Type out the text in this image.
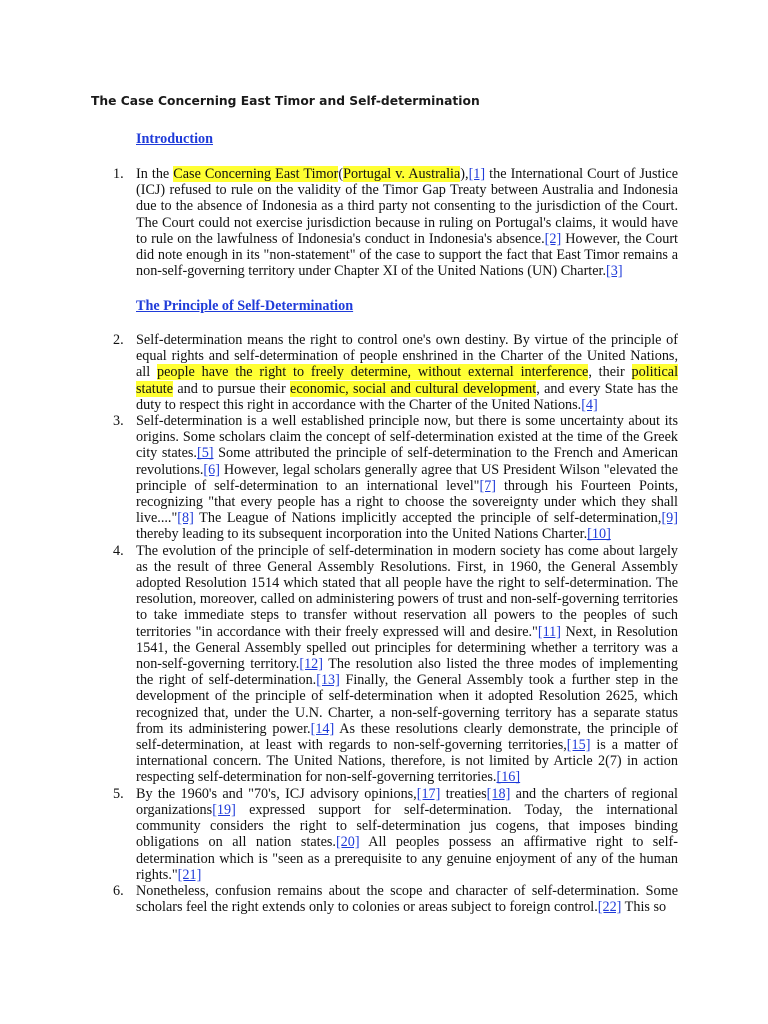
The Case Concerning East Timor and Self-determination
Introduction
1. In the Case Concerning East Timor(Portugal v. Australia),[1] the International Court of Justice (ICJ) refused to rule on the validity of the Timor Gap Treaty between Australia and Indonesia due to the absence of Indonesia as a third party not consenting to the jurisdiction of the Court. The Court could not exercise jurisdiction because in ruling on Portugal's claims, it would have to rule on the lawfulness of Indonesia's conduct in Indonesia's absence.[2] However, the Court did note enough in its "non-statement" of the case to support the fact that East Timor remains a non-self-governing territory under Chapter XI of the United Nations (UN) Charter.[3]
The Principle of Self-Determination
2. Self-determination means the right to control one's own destiny. By virtue of the principle of equal rights and self-determination of people enshrined in the Charter of the United Nations, all people have the right to freely determine, without external interference, their political statute and to pursue their economic, social and cultural development, and every State has the duty to respect this right in accordance with the Charter of the United Nations.[4]
3. Self-determination is a well established principle now, but there is some uncertainty about its origins. Some scholars claim the concept of self-determination existed at the time of the Greek city states.[5] Some attributed the principle of self-determination to the French and American revolutions.[6] However, legal scholars generally agree that US President Wilson "elevated the principle of self-determination to an international level"[7] through his Fourteen Points, recognizing "that every people has a right to choose the sovereignty under which they shall live...."[8] The League of Nations implicitly accepted the principle of self-determination,[9] thereby leading to its subsequent incorporation into the United Nations Charter.[10]
4. The evolution of the principle of self-determination in modern society has come about largely as the result of three General Assembly Resolutions. First, in 1960, the General Assembly adopted Resolution 1514 which stated that all people have the right to self-determination. The resolution, moreover, called on administering powers of trust and non-self-governing territories to take immediate steps to transfer without reservation all powers to the peoples of such territories "in accordance with their freely expressed will and desire."[11] Next, in Resolution 1541, the General Assembly spelled out principles for determining whether a territory was a non-self-governing territory.[12] The resolution also listed the three modes of implementing the right of self-determination.[13] Finally, the General Assembly took a further step in the development of the principle of self-determination when it adopted Resolution 2625, which recognized that, under the U.N. Charter, a non-self-governing territory has a separate status from its administering power.[14] As these resolutions clearly demonstrate, the principle of self-determination, at least with regards to non-self-governing territories,[15] is a matter of international concern. The United Nations, therefore, is not limited by Article 2(7) in action respecting self-determination for non-self-governing territories.[16]
5. By the 1960's and "70's, ICJ advisory opinions,[17] treaties[18] and the charters of regional organizations[19] expressed support for self-determination. Today, the international community considers the right to self-determination jus cogens, that imposes binding obligations on all nation states.[20] All peoples possess an affirmative right to self-determination which is "seen as a prerequisite to any genuine enjoyment of any of the human rights."[21]
6. Nonetheless, confusion remains about the scope and character of self-determination. Some scholars feel the right extends only to colonies or areas subject to foreign control.[22] This so
